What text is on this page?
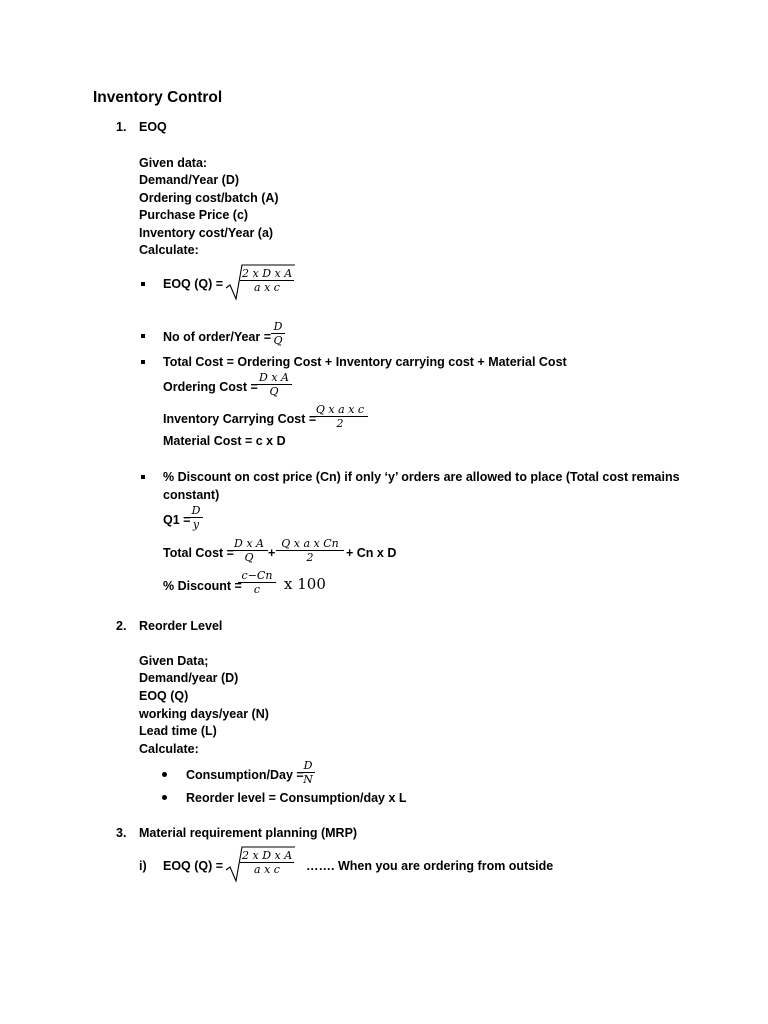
Inventory Control
1. EOQ
Given data:
Demand/Year (D)
Ordering cost/batch (A)
Purchase Price (c)
Inventory cost/Year (a)
Calculate:
EOQ $(Q) = \frac{\text{2 x D x A}}{\text{a x c}}$
No of order/Year = $\frac{D}{Q}$
Total Cost = Ordering Cost + Inventory carrying cost + Material Cost
Ordering Cost =
$\frac{\text{D x A}}{Q}$
Inventory Carrying Cost =
$\frac{\text{Q x a x c}}{2}$
Material Cost = c x D
% Discount on cost price (Cn) if only ‘y’ orders are allowed to place (Total cost remains
constant)
Q1 =
$\frac{D}{y}$
Total Cost =
$\frac{\text{D x A}}{Q} + \frac{\text{Q x a x Cn}}{2} + Cn$ x D
% Discount =
$\frac{c-Cn}{c}$ x 100
2. Reorder Level
Given Data;
Demand/year (D)
EOQ (Q)
working days/year (N)
Lead time (L)
Calculate:
Consumption/Day =
$\frac{D}{N}$
Reorder level = Consumption/day x L
3. Material requirement planning (MRP)
i) EOQ $(Q) = \frac{\text{2 x D x A}}{\text{a x c}}$ ……. When you are ordering from outside
